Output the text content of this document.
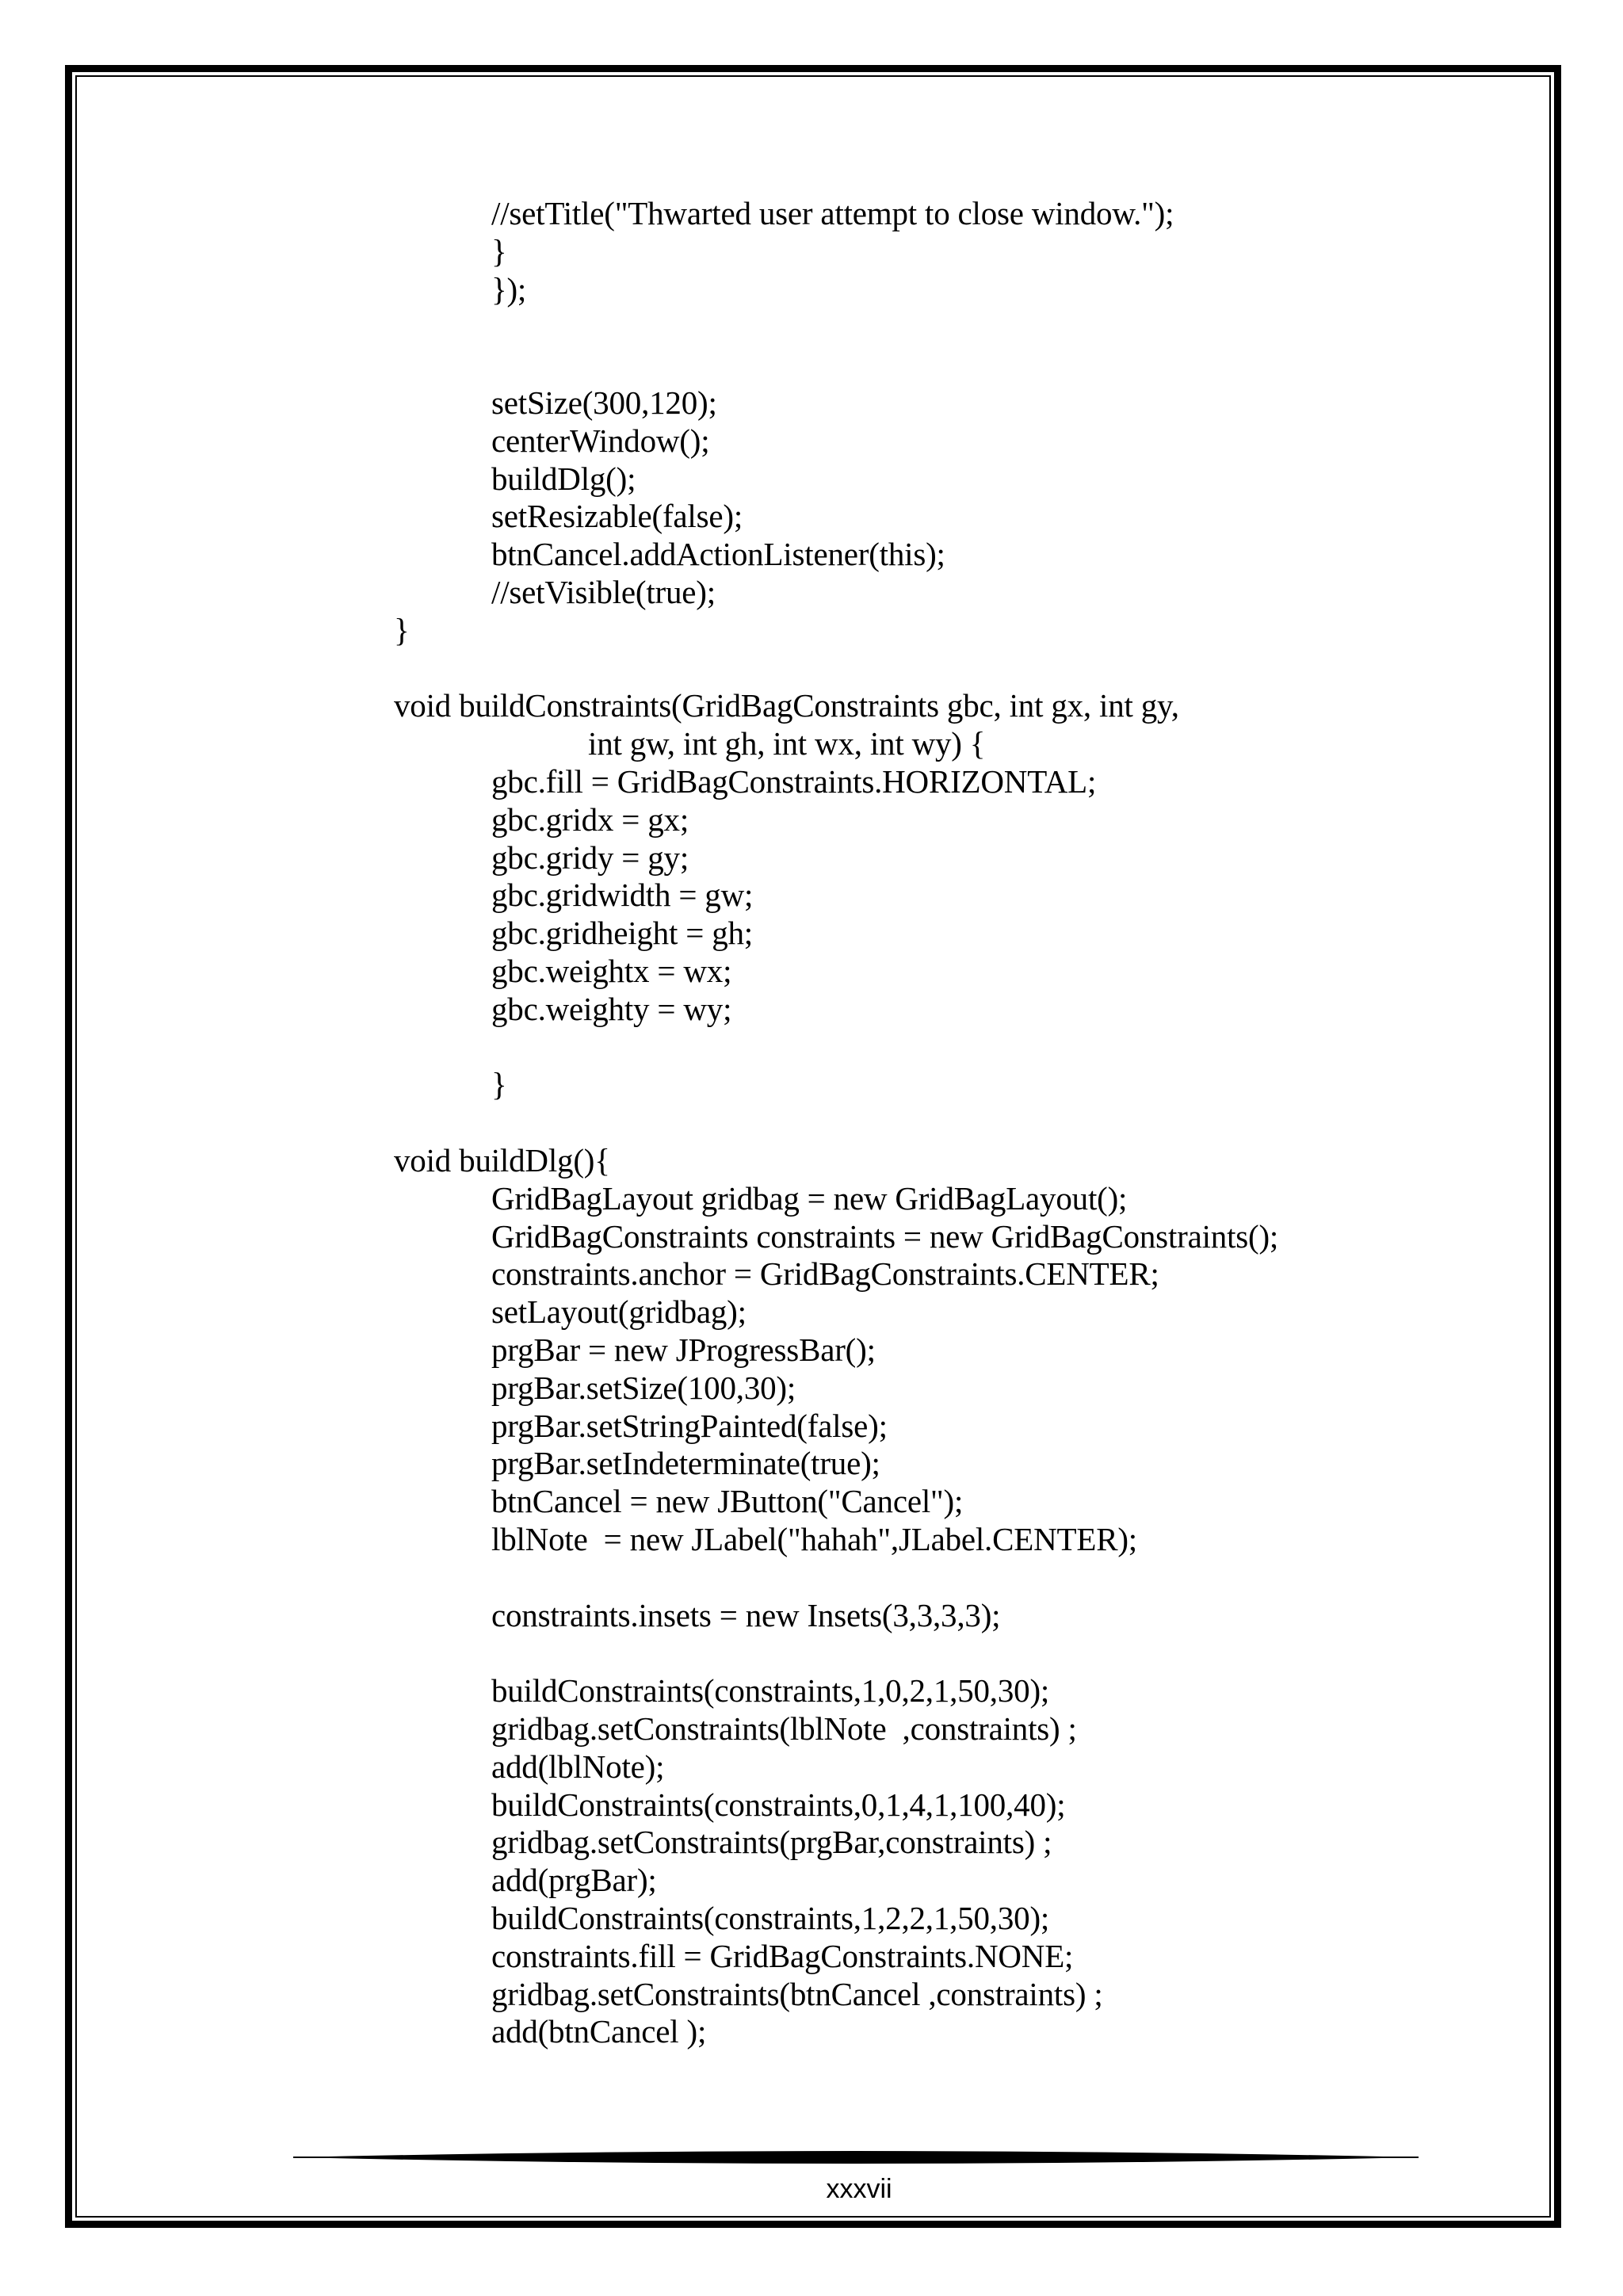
//setTitle("Thwarted user attempt to close window.");
}
});
setSize(300,120);
centerWindow();
buildDlg();
setResizable(false);
btnCancel.addActionListener(this);
//setVisible(true);
}
void buildConstraints(GridBagConstraints gbc, int gx, int gy,
int gw, int gh, int wx, int wy) {
gbc.fill = GridBagConstraints.HORIZONTAL;
gbc.gridx = gx;
gbc.gridy = gy;
gbc.gridwidth = gw;
gbc.gridheight = gh;
gbc.weightx = wx;
gbc.weighty = wy;
}
void buildDlg(){
GridBagLayout gridbag = new GridBagLayout();
GridBagConstraints constraints = new GridBagConstraints();
constraints.anchor = GridBagConstraints.CENTER;
setLayout(gridbag);
prgBar = new JProgressBar();
prgBar.setSize(100,30);
prgBar.setStringPainted(false);
prgBar.setIndeterminate(true);
btnCancel = new JButton("Cancel");
lblNote  = new JLabel("hahah",JLabel.CENTER);
constraints.insets = new Insets(3,3,3,3);
buildConstraints(constraints,1,0,2,1,50,30);
gridbag.setConstraints(lblNote  ,constraints) ;
add(lblNote);
buildConstraints(constraints,0,1,4,1,100,40);
gridbag.setConstraints(prgBar,constraints) ;
add(prgBar);
buildConstraints(constraints,1,2,2,1,50,30);
constraints.fill = GridBagConstraints.NONE;
gridbag.setConstraints(btnCancel ,constraints) ;
add(btnCancel );
xxxvii
